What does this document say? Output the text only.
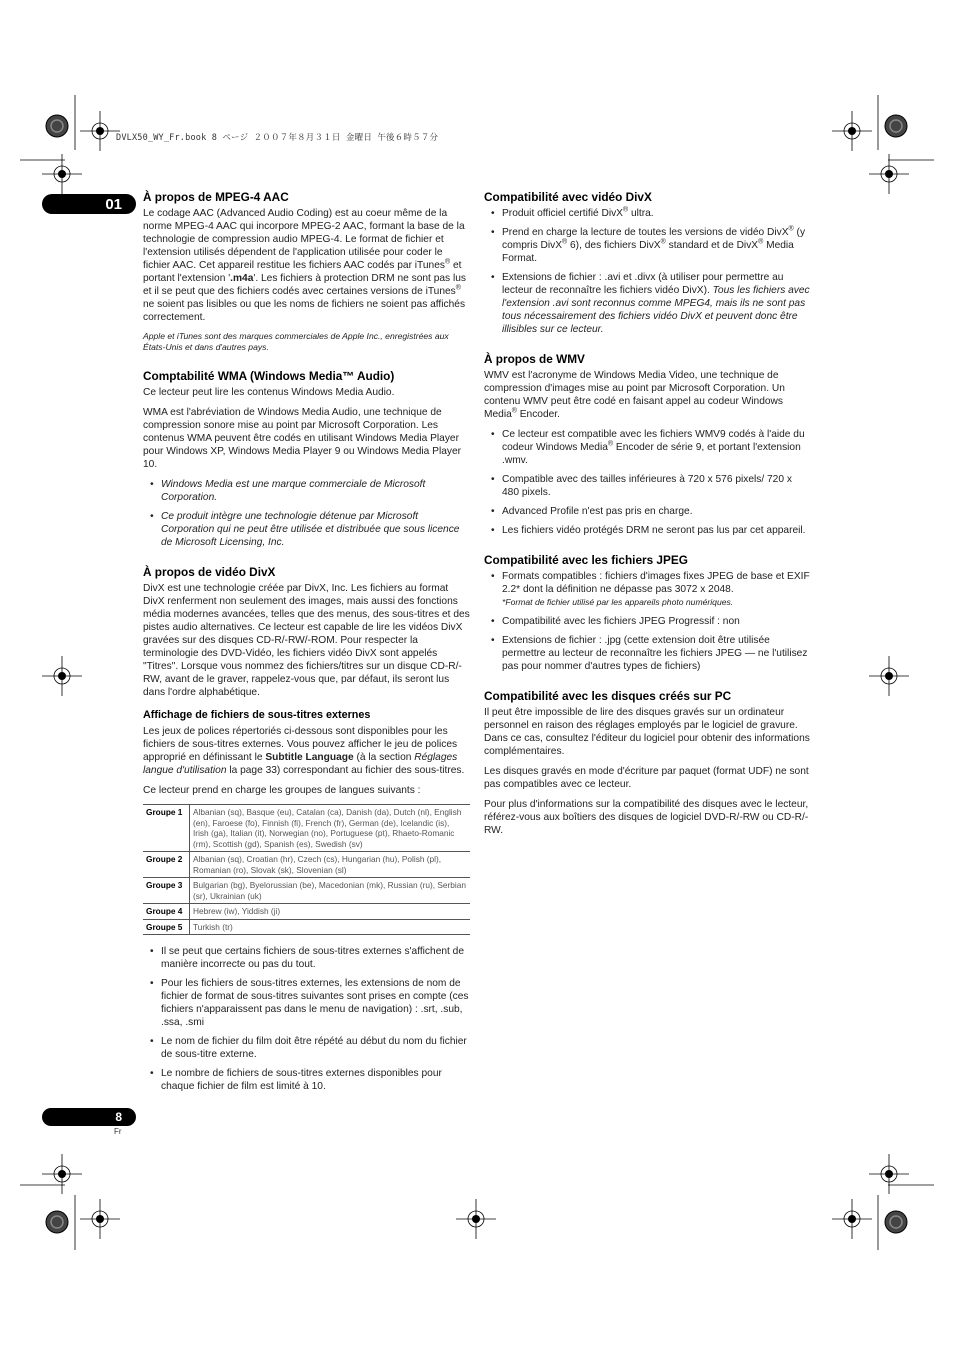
DVLX50_WY_Fr.book 8 ページ ２００７年８月３１日 金曜日 午後６時５７分
01
8
Fr
À propos de MPEG-4 AAC

Le codage AAC (Advanced Audio Coding) est au coeur même de la norme MPEG-4 AAC qui incorpore MPEG-2 AAC, formant la base de la technologie de compression audio MPEG-4. Le format de fichier et l'extension utilisés dépendent de l'application utilisée pour coder le fichier AAC. Cet appareil restitue les fichiers AAC codés par iTunes® et portant l'extension '.m4a'. Les fichiers à protection DRM ne sont pas lus et il se peut que des fichiers codés avec certaines versions de iTunes® ne soient pas lisibles ou que les noms de fichiers ne soient pas affichés correctement.

Apple et iTunes sont des marques commerciales de Apple Inc., enregistrées aux États-Unis et dans d'autres pays.

Comptabilité WMA (Windows Media™ Audio)

Ce lecteur peut lire les contenus Windows Media Audio.

WMA est l'abréviation de Windows Media Audio, une technique de compression sonore mise au point par Microsoft Corporation. Les contenus WMA peuvent être codés en utilisant Windows Media Player pour Windows XP, Windows Media Player 9 ou Windows Media Player 10.

• Windows Media est une marque commerciale de Microsoft Corporation.
• Ce produit intègre une technologie détenue par Microsoft Corporation qui ne peut être utilisée et distribuée que sous licence de Microsoft Licensing, Inc.
À propos de vidéo DivX

DivX est une technologie créée par DivX, Inc. Les fichiers au format DivX renferment non seulement des images, mais aussi des fonctions média modernes avancées, telles que des menus, des sous-titres et des pistes audio alternatives. Ce lecteur est capable de lire les vidéos DivX gravées sur des disques CD-R/-RW/-ROM. Pour respecter la terminologie des DVD-Vidéo, les fichiers vidéo DivX sont appelés "Titres". Lorsque vous nommez des fichiers/titres sur un disque CD-R/-RW, avant de le graver, rappelez-vous que, par défaut, ils seront lus dans l'ordre alphabétique.

Affichage de fichiers de sous-titres externes

Les jeux de polices répertoriés ci-dessous sont disponibles pour les fichiers de sous-titres externes. Vous pouvez afficher le jeu de polices approprié en définissant le Subtitle Language (à la section Réglages langue d'utilisation la page 33) correspondant au fichier des sous-titres.

Ce lecteur prend en charge les groupes de langues suivants :

Groupe 1	Albanian (sq), Basque (eu), Catalan (ca), Danish (da), Dutch (nl), English (en), Faroese (fo), Finnish (fi), French (fr), German (de), Icelandic (is), Irish (ga), Italian (it), Norwegian (no), Portuguese (pt), Rhaeto-Romanic (rm), Scottish (gd), Spanish (es), Swedish (sv)
Groupe 2	Albanian (sq), Croatian (hr), Czech (cs), Hungarian (hu), Polish (pl), Romanian (ro), Slovak (sk), Slovenian (sl)
Groupe 3	Bulgarian (bg), Byelorussian (be), Macedonian (mk), Russian (ru), Serbian (sr), Ukrainian (uk)
Groupe 4	Hebrew (iw), Yiddish (ji)
Groupe 5	Turkish (tr)
• Il se peut que certains fichiers de sous-titres externes s'affichent de manière incorrecte ou pas du tout.
• Pour les fichiers de sous-titres externes, les extensions de nom de fichier de format de sous-titres suivantes sont prises en compte (ces fichiers n'apparaissent pas dans le menu de navigation) : .srt, .sub, .ssa, .smi
• Le nom de fichier du film doit être répété au début du nom du fichier de sous-titre externe.
• Le nombre de fichiers de sous-titres externes disponibles pour chaque fichier de film est limité à 10.
Compatibilité avec vidéo DivX
• Produit officiel certifié DivX® ultra.
• Prend en charge la lecture de toutes les versions de vidéo DivX® (y compris DivX® 6), des fichiers DivX® standard et de DivX® Media Format.
• Extensions de fichier : .avi et .divx (à utiliser pour permettre au lecteur de reconnaître les fichiers vidéo DivX). Tous les fichiers avec l'extension .avi sont reconnus comme MPEG4, mais ils ne sont pas tous nécessairement des fichiers vidéo DivX et peuvent donc être illisibles sur ce lecteur.
À propos de WMV

WMV est l'acronyme de Windows Media Video, une technique de compression d'images mise au point par Microsoft Corporation. Un contenu WMV peut être codé en faisant appel au codeur Windows Media® Encoder.

• Ce lecteur est compatible avec les fichiers WMV9 codés à l'aide du codeur Windows Media® Encoder de série 9, et portant l'extension .wmv.
• Compatible avec des tailles inférieures à 720 x 576 pixels/ 720 x 480 pixels.
• Advanced Profile n'est pas pris en charge.
• Les fichiers vidéo protégés DRM ne seront pas lus par cet appareil.
Compatibilité avec les fichiers JPEG
• Formats compatibles : fichiers d'images fixes JPEG de base et EXIF 2.2* dont la définition ne dépasse pas 3072 x 2048.
*Format de fichier utilisé par les appareils photo numériques.
• Compatibilité avec les fichiers JPEG Progressif : non
• Extensions de fichier : .jpg (cette extension doit être utilisée permettre au lecteur de reconnaître les fichiers JPEG — ne l'utilisez pas pour nommer d'autres types de fichiers)
Compatibilité avec les disques créés sur PC

Il peut être impossible de lire des disques gravés sur un ordinateur personnel en raison des réglages employés par le logiciel de gravure. Dans ce cas, consultez l'éditeur du logiciel pour obtenir des informations complémentaires.

Les disques gravés en mode d'écriture par paquet (format UDF) ne sont pas compatibles avec ce lecteur.

Pour plus d'informations sur la compatibilité des disques avec le lecteur, référez-vous aux boîtiers des disques de logiciel DVD-R/-RW ou CD-R/-RW.
